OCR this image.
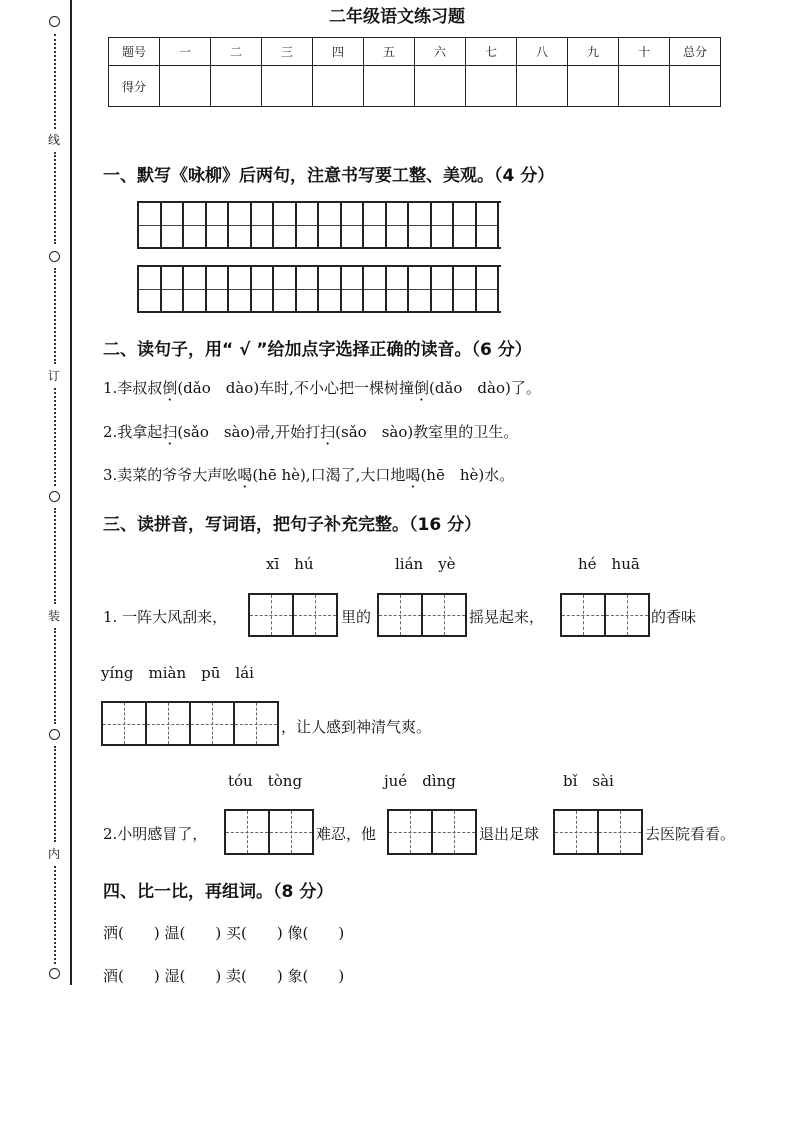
线
订
装
内
二年级语文练习题
题号	一	二	三	四	五	六	七	八	九	十	总分
得分											
一、默写《咏柳》后两句，注意书写要工整、美观。（4 分）
二、读句子，用“ √ ”给加点字选择正确的读音。（6 分）
1.李叔叔倒(dǎo　dào)车时,不小心把一棵树撞倒(dǎo　dào)了。
2.我拿起扫(sǎo　sào)帚,开始打扫(sǎo　sào)教室里的卫生。
3.卖菜的爷爷大声吆喝(hē hè),口渴了,大口地喝(hē　hè)水。
三、读拼音，写词语，把句子补充完整。（16 分）
xī　hú	lián　yè	hé　huā
1. 一阵大风刮来，	里的	摇晃起来，	的香味
yíng　miàn　pū　lái
，让人感到神清气爽。
tóu　tòng	jué　dìng	bǐ　sài
2.小明感冒了，	难忍，他	退出足球	去医院看看。
四、比一比，再组词。（8 分）
洒(　　) 温(　　) 买(　　) 像(　　)
酒(　　) 湿(　　) 卖(　　) 象(　　)
